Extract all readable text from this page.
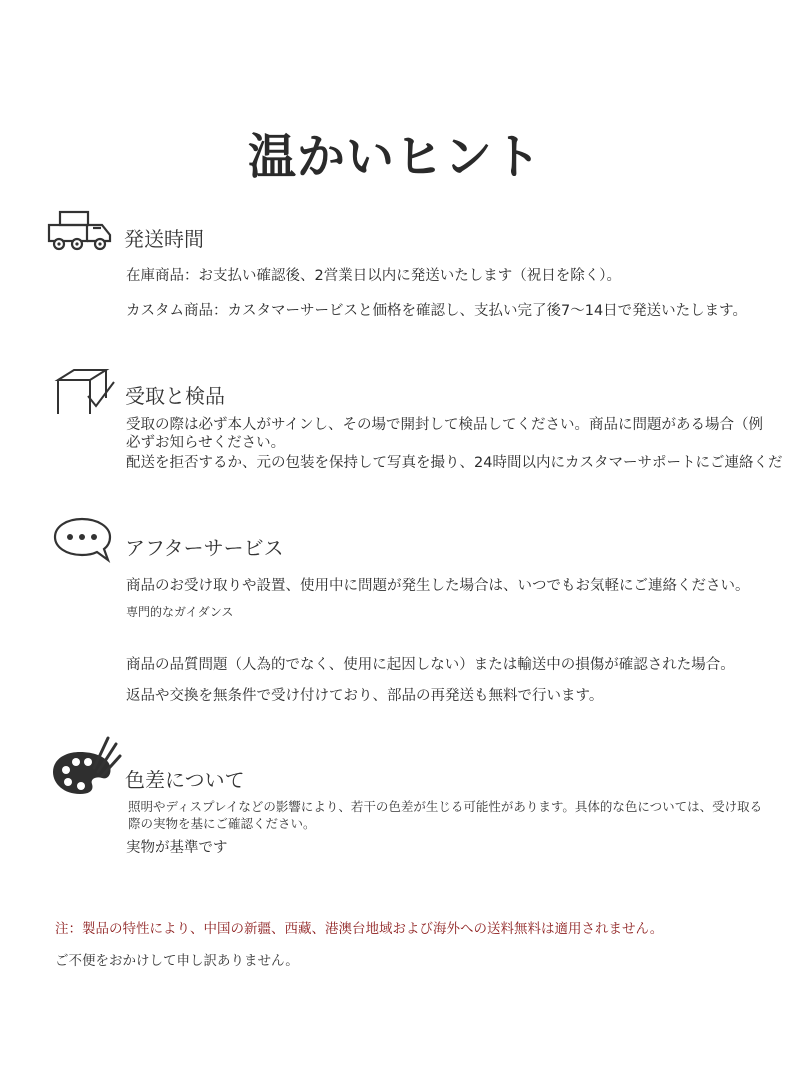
温かいヒント
発送時間
在庫商品：お支払い確認後、2営業日以内に発送いたします（祝日を除く）。
カスタム商品：カスタマーサービスと価格を確認し、支払い完了後7〜14日で発送いたします。
受取と検品
受取の際は必ず本人がサインし、その場で開封して検品してください。商品に問題がある場合（例
必ずお知らせください。
配送を拒否するか、元の包装を保持して写真を撮り、24時間以内にカスタマーサポートにご連絡くだ
アフターサービス
商品のお受け取りや設置、使用中に問題が発生した場合は、いつでもお気軽にご連絡ください。
専門的なガイダンス
商品の品質問題（人為的でなく、使用に起因しない）または輸送中の損傷が確認された場合。
返品や交換を無条件で受け付けており、部品の再発送も無料で行います。
色差について
照明やディスプレイなどの影響により、若干の色差が生じる可能性があります。具体的な色については、受け取る
際の実物を基にご確認ください。
実物が基準です
注：製品の特性により、中国の新疆、西藏、港澳台地域および海外への送料無料は適用されません。
ご不便をおかけして申し訳ありません。
